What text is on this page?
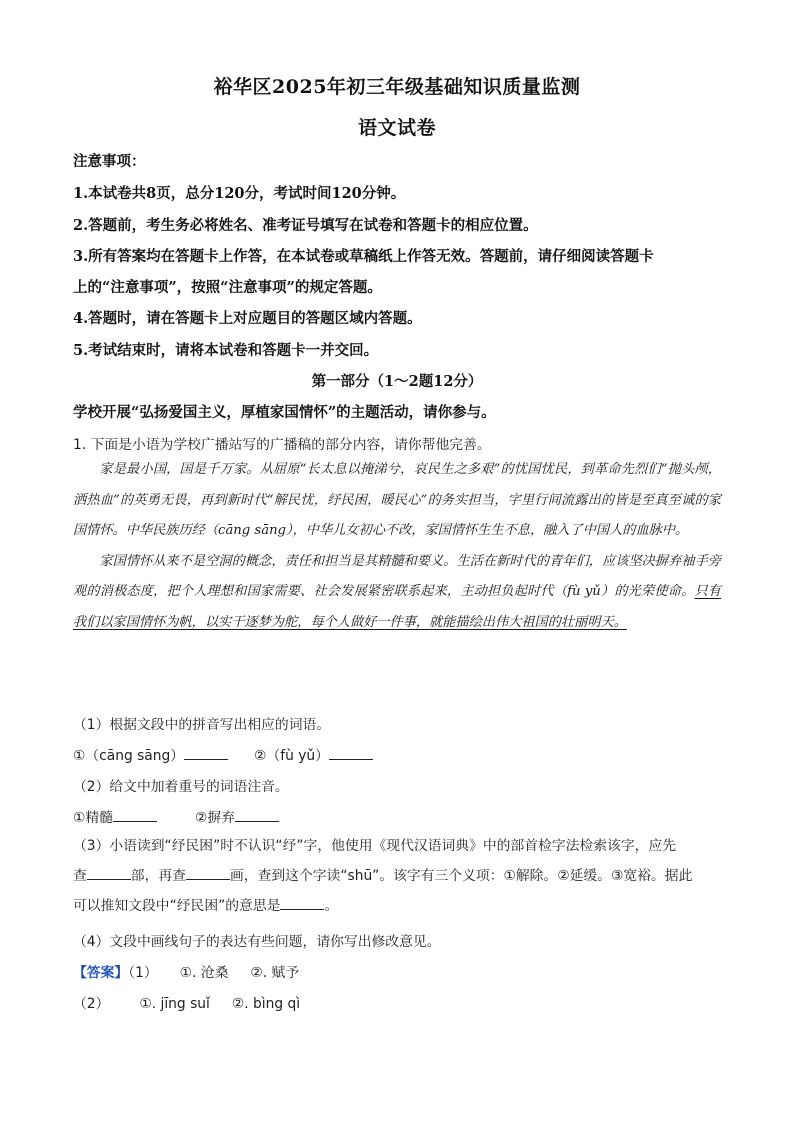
裕华区2025年初三年级基础知识质量监测
语文试卷
注意事项：
1.本试卷共8页，总分120分，考试时间120分钟。
2.答题前，考生务必将姓名、准考证号填写在试卷和答题卡的相应位置。
3.所有答案均在答题卡上作答，在本试卷或草稿纸上作答无效。答题前，请仔细阅读答题卡
上的“注意事项”，按照“注意事项”的规定答题。
4.答题时，请在答题卡上对应题目的答题区域内答题。
5.考试结束时，请将本试卷和答题卡一并交回。
第一部分（1～2题12分）
学校开展“弘扬爱国主义，厚植家国情怀”的主题活动，请你参与。
1. 下面是小语为学校广播站写的广播稿的部分内容，请你帮他完善。

家是最小国，国是千万家。从屈原“长太息以掩涕兮，哀民生之多艰”的忧国忧民，到革命先烈们“抛头颅，洒热血”的英勇无畏，再到新时代“解民忧，纾民困，暖民心”的务实担当，字里行间流露出的皆是至真至诚的家国情怀。中华民族历经（cāng sāng），中华儿女初心不改，家国情怀生生不息，融入了中国人的血脉中。

家国情怀从来不是空洞的概念，责任和担当是其精髓和要义。生活在新时代的青年们，应该坚决摒弃袖手旁观的消极态度，把个人理想和国家需要、社会发展紧密联系起来，主动担负起时代（fù yǔ）的光荣使命。只有我们以家国情怀为帆，以实干逐梦为舵，每个人做好一件事，就能描绘出伟大祖国的壮丽明天。

（1）根据文段中的拼音写出相应的词语。
①（cāng sāng）	②（fù yǔ）
（2）给文中加着重号的词语注音。
①精髓	②摒弃
（3）小语读到“纾民困”时不认识“纾”字，他使用《现代汉语词典》中的部首检字法检索该字，应先
查	部，再查	画，查到这个字读“shū”。该字有三个义项：①解除。②延缓。③宽裕。据此
可以推知文段中“纾民困”的意思是	。
（4）文段中画线句子的表达有些问题，请你写出修改意见。
【答案】（1） ①. 沧桑 ②. 赋予
（2） ①. jīng suǐ ②. bìng qì
